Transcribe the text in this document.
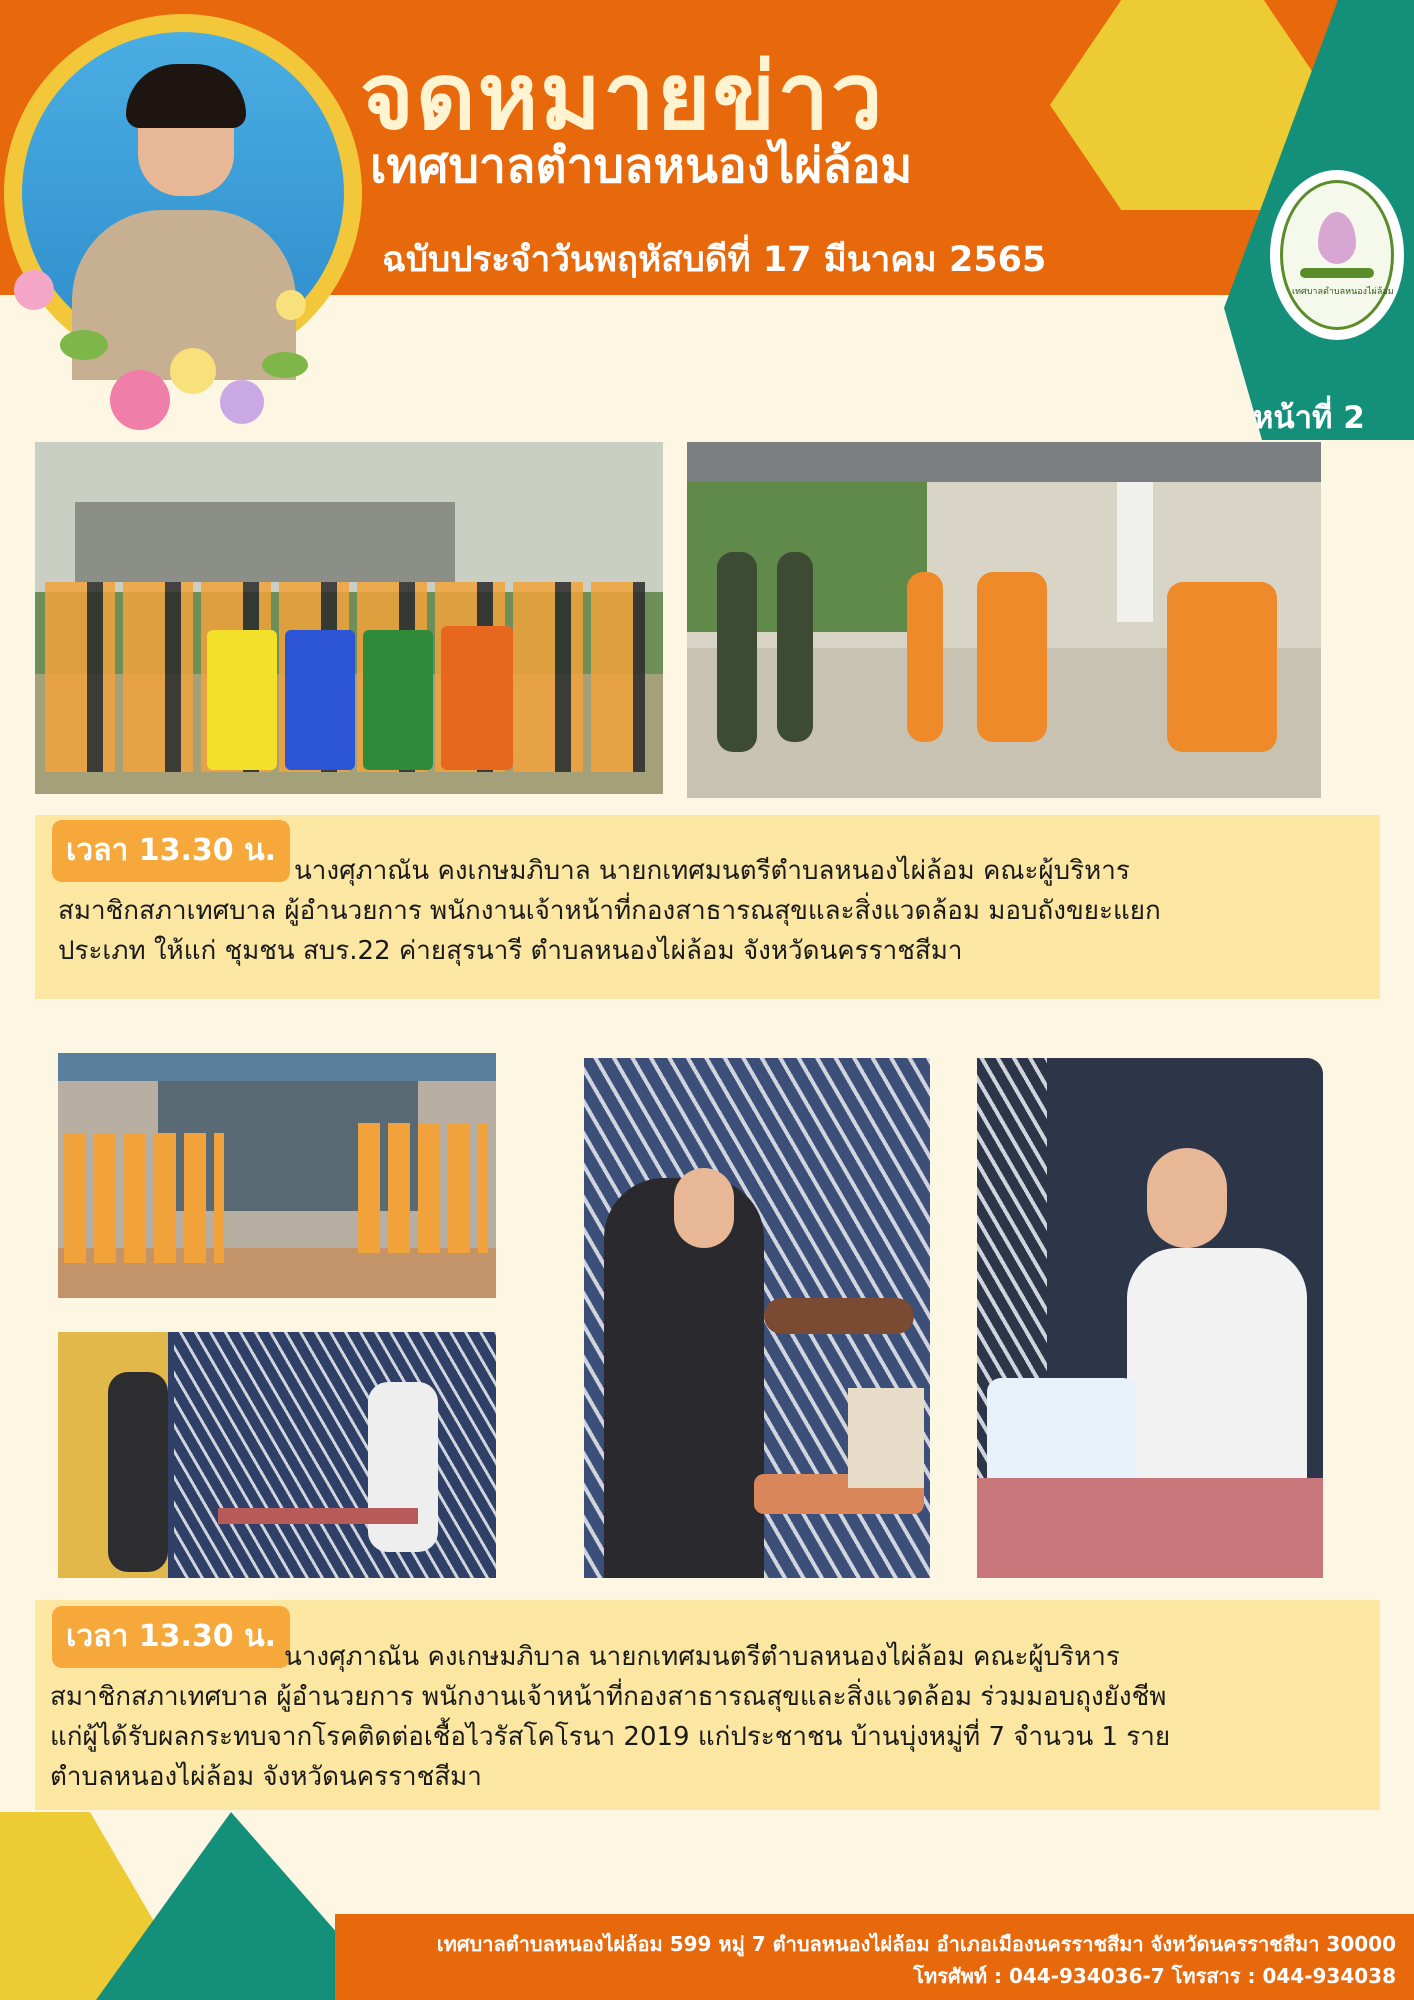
จดหมายข่าว
เทศบาลตำบลหนองไผ่ล้อม
ฉบับประจำวันพฤหัสบดีที่ 17 มีนาคม 2565
เทศบาลตำบลหนองไผ่ล้อม
หน้าที่ 2
เวลา 13.30 น.
นางศุภาณัน คงเกษมภิบาล นายกเทศมนตรีตำบลหนองไผ่ล้อม คณะผู้บริหาร
สมาชิกสภาเทศบาล ผู้อำนวยการ พนักงานเจ้าหน้าที่กองสาธารณสุขและสิ่งแวดล้อม มอบถังขยะแยก
ประเภท ให้แก่ ชุมชน สบร.22 ค่ายสุรนารี ตำบลหนองไผ่ล้อม จังหวัดนครราชสีมา
เวลา 13.30 น.
นางศุภาณัน คงเกษมภิบาล นายกเทศมนตรีตำบลหนองไผ่ล้อม คณะผู้บริหาร
สมาชิกสภาเทศบาล ผู้อำนวยการ พนักงานเจ้าหน้าที่กองสาธารณสุขและสิ่งแวดล้อม ร่วมมอบถุงยังชีพ
แก่ผู้ได้รับผลกระทบจากโรคติดต่อเชื้อไวรัสโคโรนา 2019 แก่ประชาชน บ้านบุ่งหมู่ที่ 7 จำนวน 1 ราย
ตำบลหนองไผ่ล้อม จังหวัดนครราชสีมา
เทศบาลตำบลหนองไผ่ล้อม 599 หมู่ 7 ตำบลหนองไผ่ล้อม อำเภอเมืองนครราชสีมา จังหวัดนครราชสีมา 30000
โทรศัพท์ : 044-934036-7 โทรสาร : 044-934038
